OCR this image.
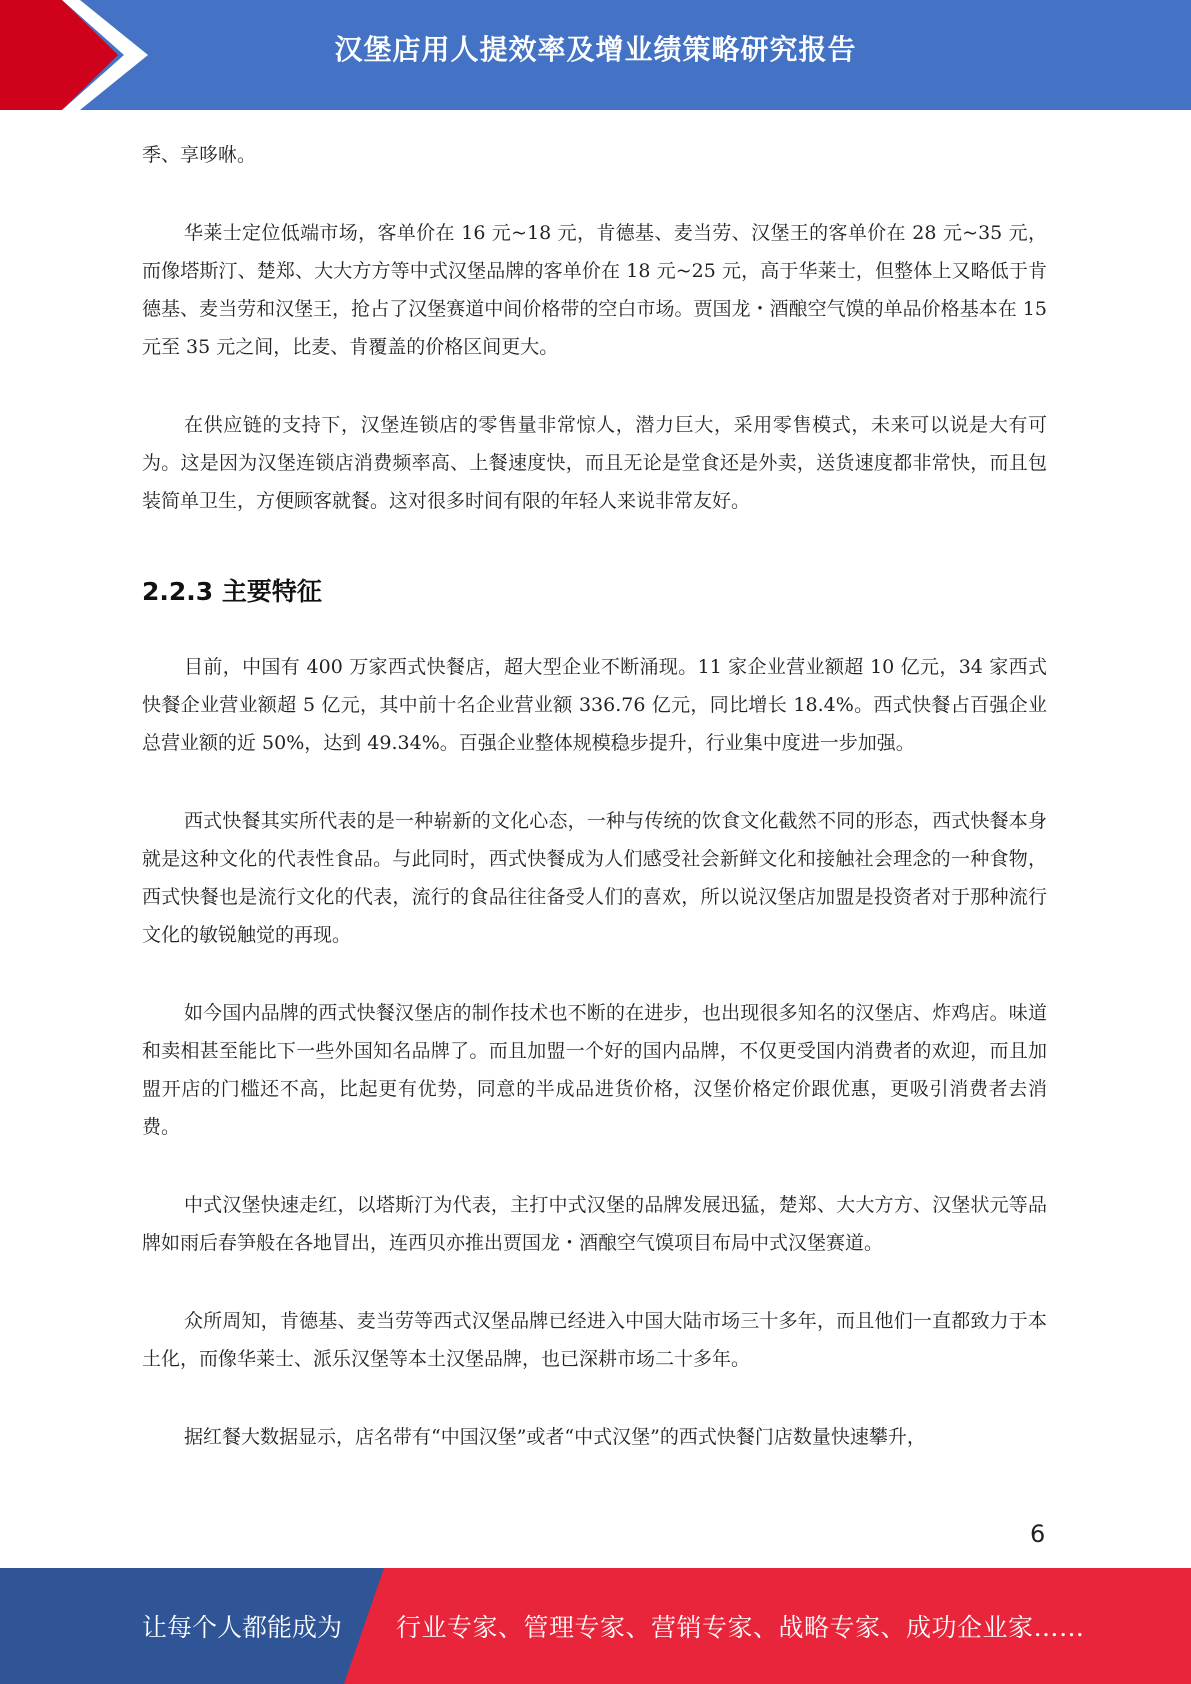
汉堡店用人提效率及增业绩策略研究报告

季、享哆咻。

华莱士定位低端市场，客单价在 16 元~18 元，肯德基、麦当劳、汉堡王的客单价在 28 元~35 元，而像塔斯汀、楚郑、大大方方等中式汉堡品牌的客单价在 18 元~25 元，高于华莱士，但整体上又略低于肯德基、麦当劳和汉堡王，抢占了汉堡赛道中间价格带的空白市场。贾国龙・酒酿空气馍的单品价格基本在 15 元至 35 元之间，比麦、肯覆盖的价格区间更大。

在供应链的支持下，汉堡连锁店的零售量非常惊人，潜力巨大，采用零售模式，未来可以说是大有可为。这是因为汉堡连锁店消费频率高、上餐速度快，而且无论是堂食还是外卖，送货速度都非常快，而且包装简单卫生，方便顾客就餐。这对很多时间有限的年轻人来说非常友好。

2.2.3 主要特征

目前，中国有 400 万家西式快餐店，超大型企业不断涌现。11 家企业营业额超 10 亿元，34 家西式快餐企业营业额超 5 亿元，其中前十名企业营业额 336.76 亿元，同比增长 18.4%。西式快餐占百强企业总营业额的近 50%，达到 49.34%。百强企业整体规模稳步提升，行业集中度进一步加强。

西式快餐其实所代表的是一种崭新的文化心态，一种与传统的饮食文化截然不同的形态，西式快餐本身就是这种文化的代表性食品。与此同时，西式快餐成为人们感受社会新鲜文化和接触社会理念的一种食物，西式快餐也是流行文化的代表，流行的食品往往备受人们的喜欢，所以说汉堡店加盟是投资者对于那种流行文化的敏锐触觉的再现。

如今国内品牌的西式快餐汉堡店的制作技术也不断的在进步，也出现很多知名的汉堡店、炸鸡店。味道和卖相甚至能比下一些外国知名品牌了。而且加盟一个好的国内品牌，不仅更受国内消费者的欢迎，而且加盟开店的门槛还不高，比起更有优势，同意的半成品进货价格，汉堡价格定价跟优惠，更吸引消费者去消费。

中式汉堡快速走红，以塔斯汀为代表，主打中式汉堡的品牌发展迅猛，楚郑、大大方方、汉堡状元等品牌如雨后春笋般在各地冒出，连西贝亦推出贾国龙・酒酿空气馍项目布局中式汉堡赛道。

众所周知，肯德基、麦当劳等西式汉堡品牌已经进入中国大陆市场三十多年，而且他们一直都致力于本土化，而像华莱士、派乐汉堡等本土汉堡品牌，也已深耕市场二十多年。

据红餐大数据显示，店名带有“中国汉堡”或者“中式汉堡”的西式快餐门店数量快速攀升，

6
让每个人都能成为 行业专家、管理专家、营销专家、战略专家、成功企业家……
